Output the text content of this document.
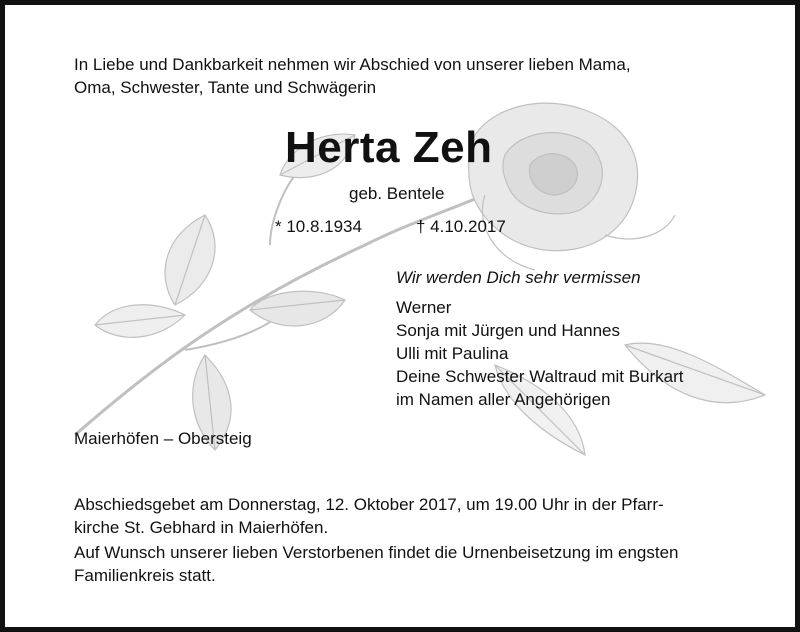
In Liebe und Dankbarkeit nehmen wir Abschied von unserer lieben Mama,
Oma, Schwester, Tante und Schwägerin
Herta Zeh
geb. Bentele
* 10.8.1934	† 4.10.2017
Wir werden Dich sehr vermissen
Werner
Sonja mit Jürgen und Hannes
Ulli mit Paulina
Deine Schwester Waltraud mit Burkart
im Namen aller Angehörigen
Maierhöfen – Obersteig
Abschiedsgebet am Donnerstag, 12. Oktober 2017, um 19.00 Uhr in der Pfarr-
kirche St. Gebhard in Maierhöfen.
Auf Wunsch unserer lieben Verstorbenen findet die Urnenbeisetzung im engsten
Familienkreis statt.
